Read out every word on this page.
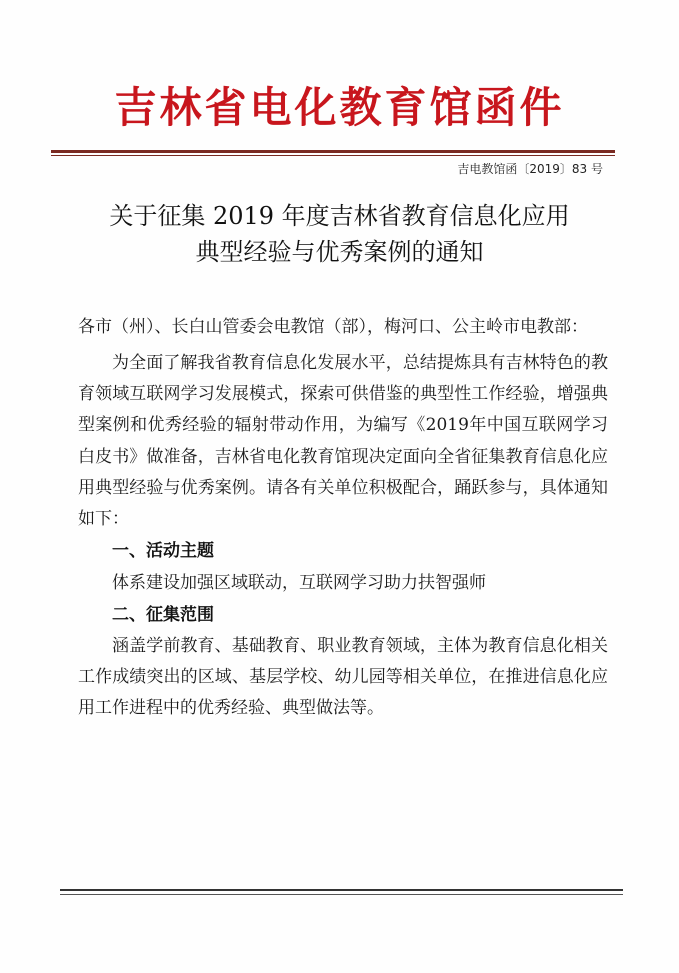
吉林省电化教育馆函件
吉电教馆函〔2019〕83 号
关于征集 2019 年度吉林省教育信息化应用
典型经验与优秀案例的通知

各市（州）、长白山管委会电教馆（部），梅河口、公主岭市电教部：

为全面了解我省教育信息化发展水平，总结提炼具有吉林特色的教育领域互联网学习发展模式，探索可供借鉴的典型性工作经验，增强典型案例和优秀经验的辐射带动作用，为编写《2019年中国互联网学习白皮书》做准备，吉林省电化教育馆现决定面向全省征集教育信息化应用典型经验与优秀案例。请各有关单位积极配合，踊跃参与，具体通知如下：

一、活动主题

体系建设加强区域联动，互联网学习助力扶智强师

二、征集范围

涵盖学前教育、基础教育、职业教育领域，主体为教育信息化相关工作成绩突出的区域、基层学校、幼儿园等相关单位，在推进信息化应用工作进程中的优秀经验、典型做法等。
